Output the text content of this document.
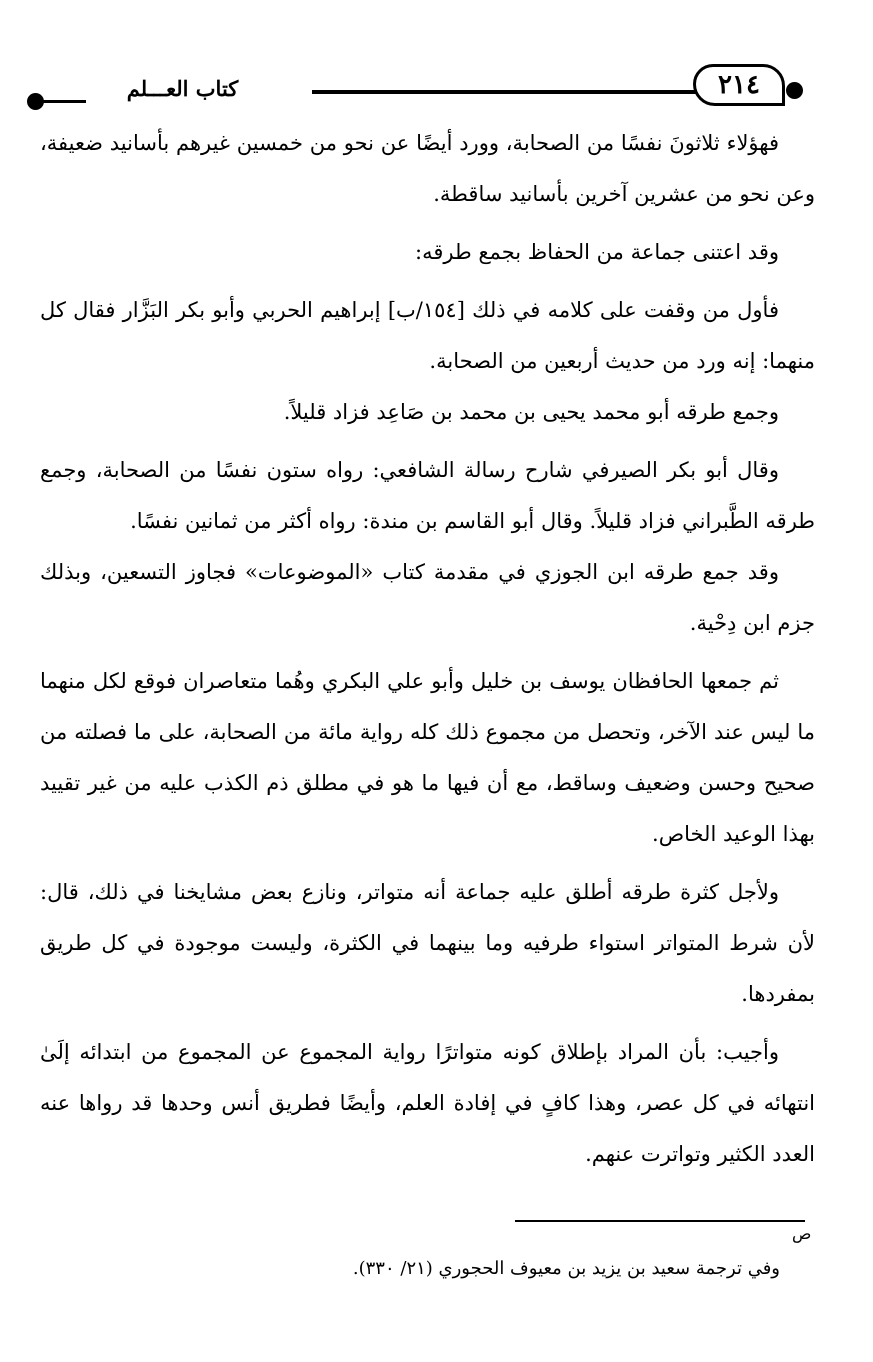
كتاب العـــلم	٢١٤

فهؤلاء ثلاثونَ نفسًا من الصحابة، وورد أيضًا عن نحو من خمسين غيرهم بأسانيد ضعيفة، وعن نحو من عشرين آخرين بأسانيد ساقطة.

وقد اعتنى جماعة من الحفاظ بجمع طرقه:

فأول من وقفت على كلامه في ذلك [١٥٤/ب] إبراهيم الحربي وأبو بكر البَزَّار فقال كل منهما: إنه ورد من حديث أربعين من الصحابة.

وجمع طرقه أبو محمد يحيى بن محمد بن صَاعِد فزاد قليلاً.

وقال أبو بكر الصيرفي شارح رسالة الشافعي: رواه ستون نفسًا من الصحابة، وجمع طرقه الطَّبراني فزاد قليلاً. وقال أبو القاسم بن مندة: رواه أكثر من ثمانين نفسًا.

وقد جمع طرقه ابن الجوزي في مقدمة كتاب «الموضوعات» فجاوز التسعين، وبذلك جزم ابن دِحْية.

ثم جمعها الحافظان يوسف بن خليل وأبو علي البكري وهُما متعاصران فوقع لكل منهما ما ليس عند الآخر، وتحصل من مجموع ذلك كله رواية مائة من الصحابة، على ما فصلته من صحيح وحسن وضعيف وساقط، مع أن فيها ما هو في مطلق ذم الكذب عليه من غير تقييد بهذا الوعيد الخاص.

ولأجل كثرة طرقه أطلق عليه جماعة أنه متواتر، ونازع بعض مشايخنا في ذلك، قال: لأن شرط المتواتر استواء طرفيه وما بينهما في الكثرة، وليست موجودة في كل طريق بمفردها.

وأجيب: بأن المراد بإطلاق كونه متواترًا رواية المجموع عن المجموع من ابتدائه إلَىٰ انتهائه في كل عصر، وهذا كافٍ في إفادة العلم، وأيضًا فطريق أنس وحدها قد رواها عنه العدد الكثير وتواترت عنهم.

ص
وفي ترجمة سعيد بن يزيد بن معيوف الحجوري (٢١/ ٣٣٠).
